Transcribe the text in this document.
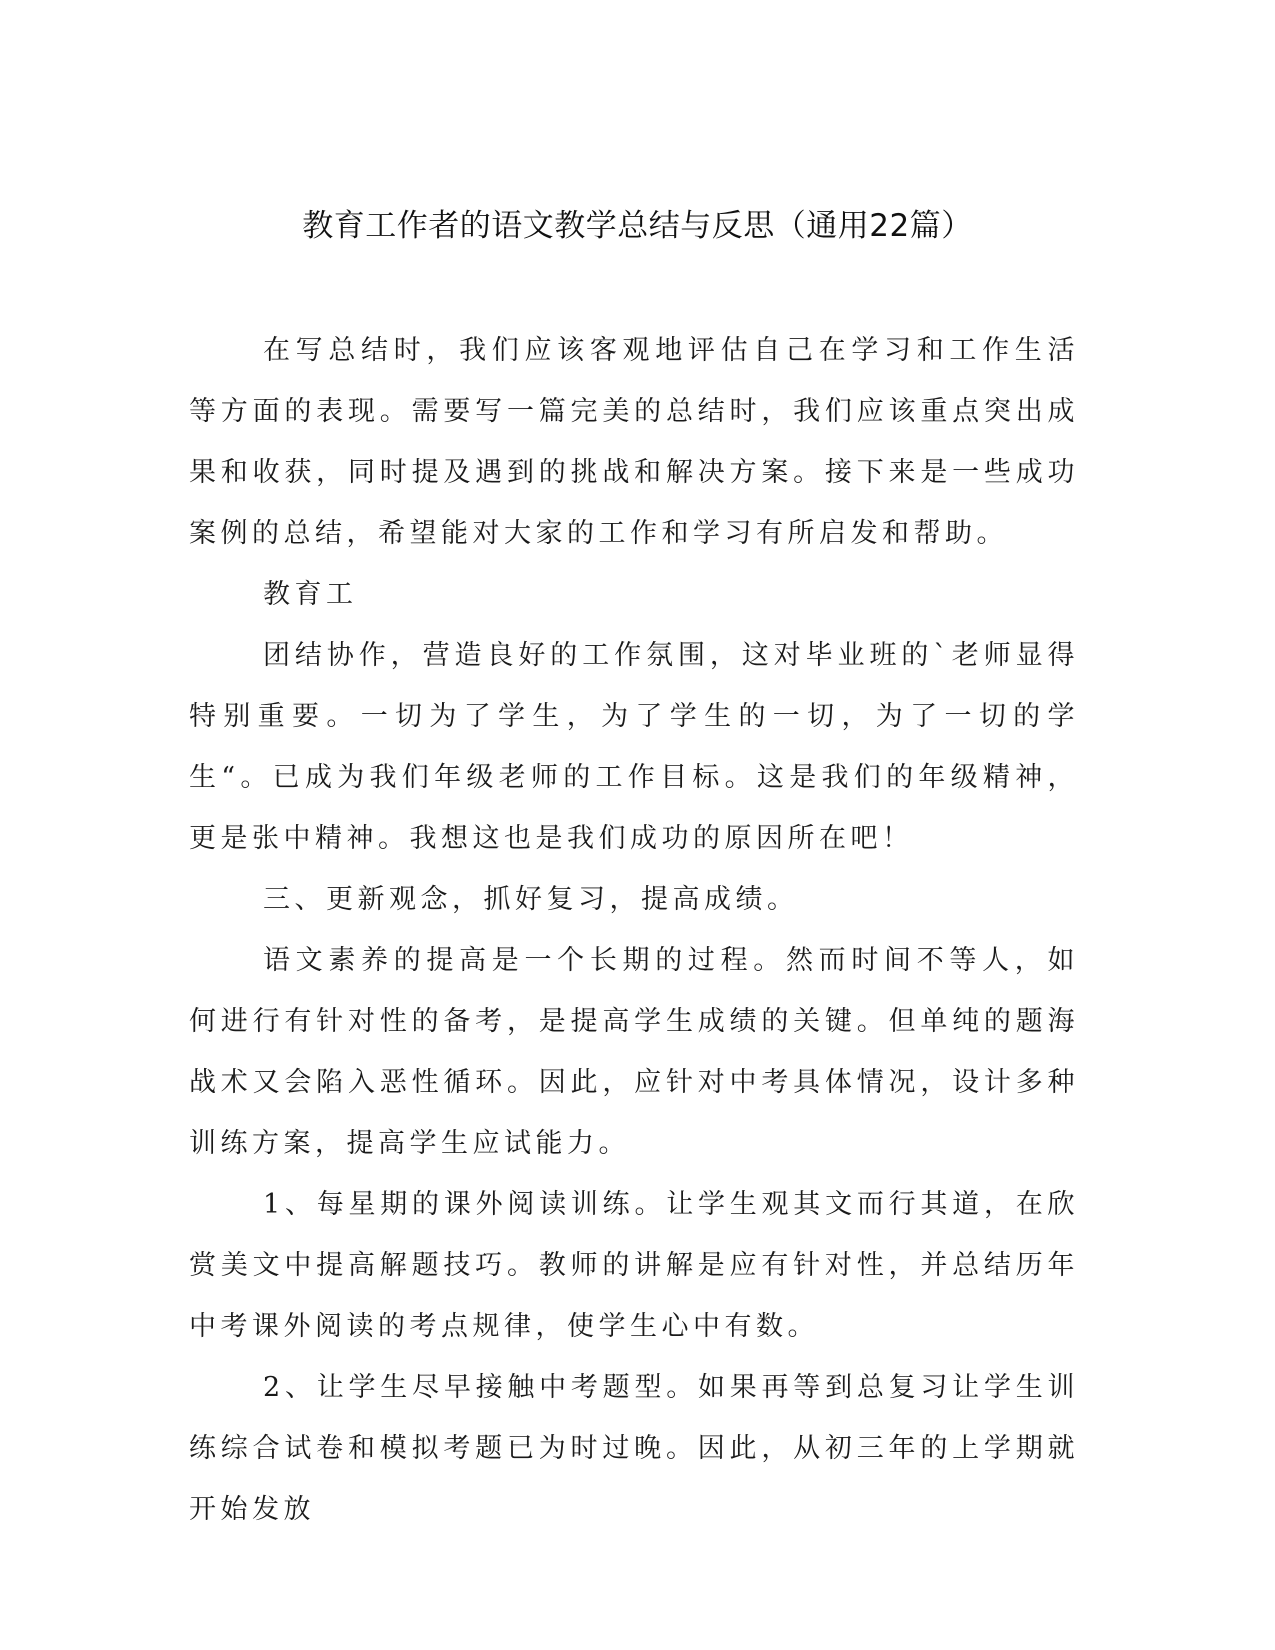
教育工作者的语文教学总结与反思（通用22篇）

在写总结时，我们应该客观地评估自己在学习和工作生活等方面的表现。需要写一篇完美的总结时，我们应该重点突出成果和收获，同时提及遇到的挑战和解决方案。接下来是一些成功案例的总结，希望能对大家的工作和学习有所启发和帮助。

教育工

团结协作，营造良好的工作氛围，这对毕业班的`老师显得特别重要。一切为了学生，为了学生的一切，为了一切的学生“。已成为我们年级老师的工作目标。这是我们的年级精神，更是张中精神。我想这也是我们成功的原因所在吧！

三、更新观念，抓好复习，提高成绩。

语文素养的提高是一个长期的过程。然而时间不等人，如何进行有针对性的备考，是提高学生成绩的关键。但单纯的题海战术又会陷入恶性循环。因此，应针对中考具体情况，设计多种训练方案，提高学生应试能力。

1、每星期的课外阅读训练。让学生观其文而行其道，在欣赏美文中提高解题技巧。教师的讲解是应有针对性，并总结历年中考课外阅读的考点规律，使学生心中有数。

2、让学生尽早接触中考题型。如果再等到总复习让学生训练综合试卷和模拟考题已为时过晚。因此，从初三年的上学期就开始发放
